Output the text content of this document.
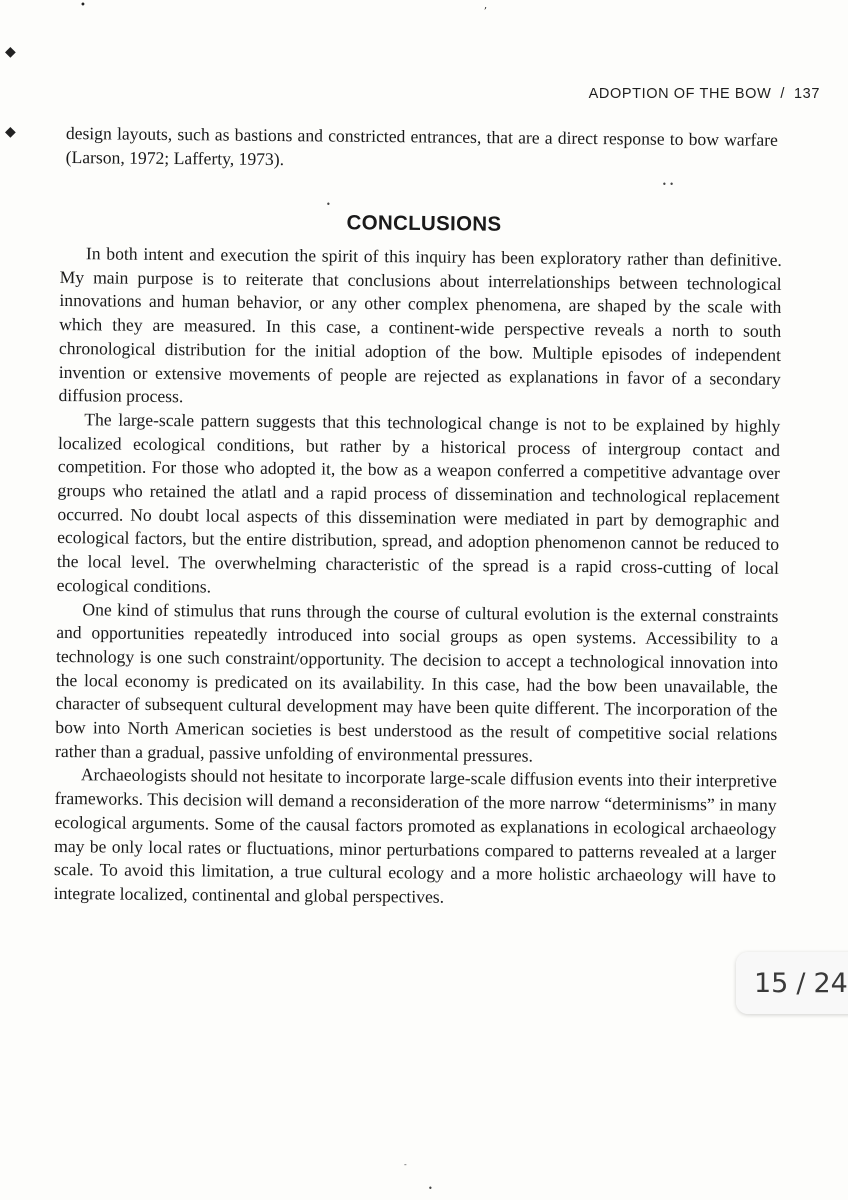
•	,
◆
◆
• •
•
-
•
ADOPTION OF THE BOW / 137
design layouts, such as bastions and constricted entrances, that are a direct response to bow warfare (Larson, 1972; Lafferty, 1973).
CONCLUSIONS

In both intent and execution the spirit of this inquiry has been exploratory rather than definitive. My main purpose is to reiterate that conclusions about interrelationships between technological innovations and human behavior, or any other complex phenomena, are shaped by the scale with which they are measured. In this case, a continent-wide perspective reveals a north to south chronological distribution for the initial adoption of the bow. Multiple episodes of independent invention or extensive movements of people are rejected as explanations in favor of a secondary diffusion process.

The large-scale pattern suggests that this technological change is not to be explained by highly localized ecological conditions, but rather by a historical process of intergroup contact and competition. For those who adopted it, the bow as a weapon conferred a competitive advantage over groups who retained the atlatl and a rapid process of dissemination and technological replacement occurred. No doubt local aspects of this dissemination were mediated in part by demographic and ecological factors, but the entire distribution, spread, and adoption phenomenon cannot be reduced to the local level. The overwhelming characteristic of the spread is a rapid cross-cutting of local ecological conditions.

One kind of stimulus that runs through the course of cultural evolution is the external constraints and opportunities repeatedly introduced into social groups as open systems. Accessibility to a technology is one such constraint/opportunity. The decision to accept a technological innovation into the local economy is predicated on its availability. In this case, had the bow been unavailable, the character of subsequent cultural development may have been quite different. The incorporation of the bow into North American societies is best understood as the result of competitive social relations rather than a gradual, passive unfolding of environmental pressures.

Archaeologists should not hesitate to incorporate large-scale diffusion events into their interpretive frameworks. This decision will demand a reconsideration of the more narrow “determinisms” in many ecological arguments. Some of the causal factors promoted as explanations in ecological archaeology may be only local rates or fluctuations, minor perturbations compared to patterns revealed at a larger scale. To avoid this limitation, a true cultural ecology and a more holistic archaeology will have to integrate localized, continental and global perspectives.

15 / 24
